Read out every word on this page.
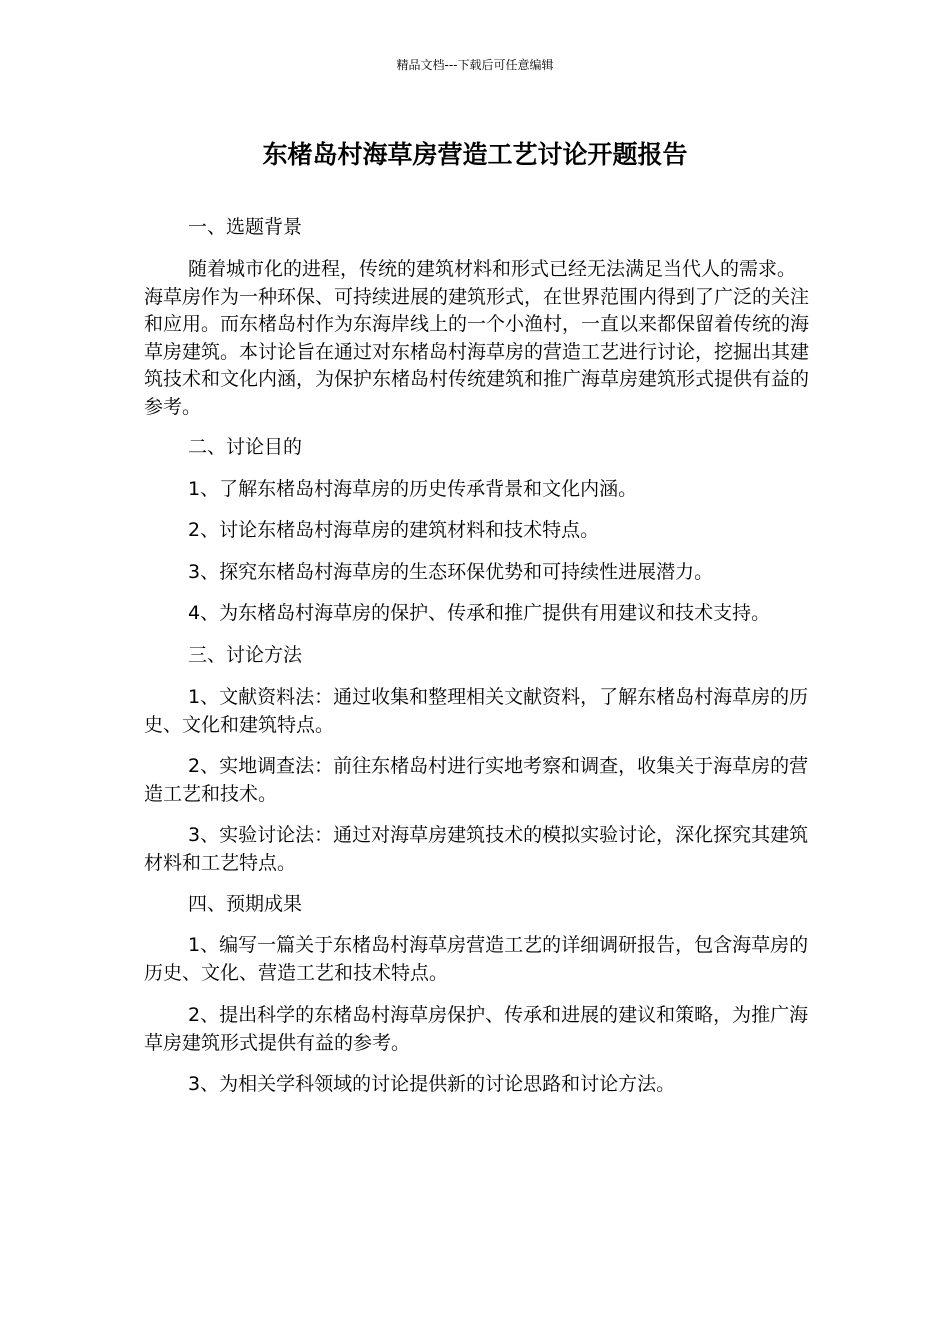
精品文档---下载后可任意编辑
东楮岛村海草房营造工艺讨论开题报告

一、选题背景

随着城市化的进程，传统的建筑材料和形式已经无法满足当代人的需求。海草房作为一种环保、可持续进展的建筑形式，在世界范围内得到了广泛的关注和应用。而东楮岛村作为东海岸线上的一个小渔村，一直以来都保留着传统的海草房建筑。本讨论旨在通过对东楮岛村海草房的营造工艺进行讨论，挖掘出其建筑技术和文化内涵，为保护东楮岛村传统建筑和推广海草房建筑形式提供有益的参考。

二、讨论目的

1、了解东楮岛村海草房的历史传承背景和文化内涵。

2、讨论东楮岛村海草房的建筑材料和技术特点。

3、探究东楮岛村海草房的生态环保优势和可持续性进展潜力。

4、为东楮岛村海草房的保护、传承和推广提供有用建议和技术支持。

三、讨论方法

1、文献资料法：通过收集和整理相关文献资料，了解东楮岛村海草房的历史、文化和建筑特点。

2、实地调查法：前往东楮岛村进行实地考察和调查，收集关于海草房的营造工艺和技术。

3、实验讨论法：通过对海草房建筑技术的模拟实验讨论，深化探究其建筑材料和工艺特点。

四、预期成果

1、编写一篇关于东楮岛村海草房营造工艺的详细调研报告，包含海草房的历史、文化、营造工艺和技术特点。

2、提出科学的东楮岛村海草房保护、传承和进展的建议和策略，为推广海草房建筑形式提供有益的参考。

3、为相关学科领域的讨论提供新的讨论思路和讨论方法。
